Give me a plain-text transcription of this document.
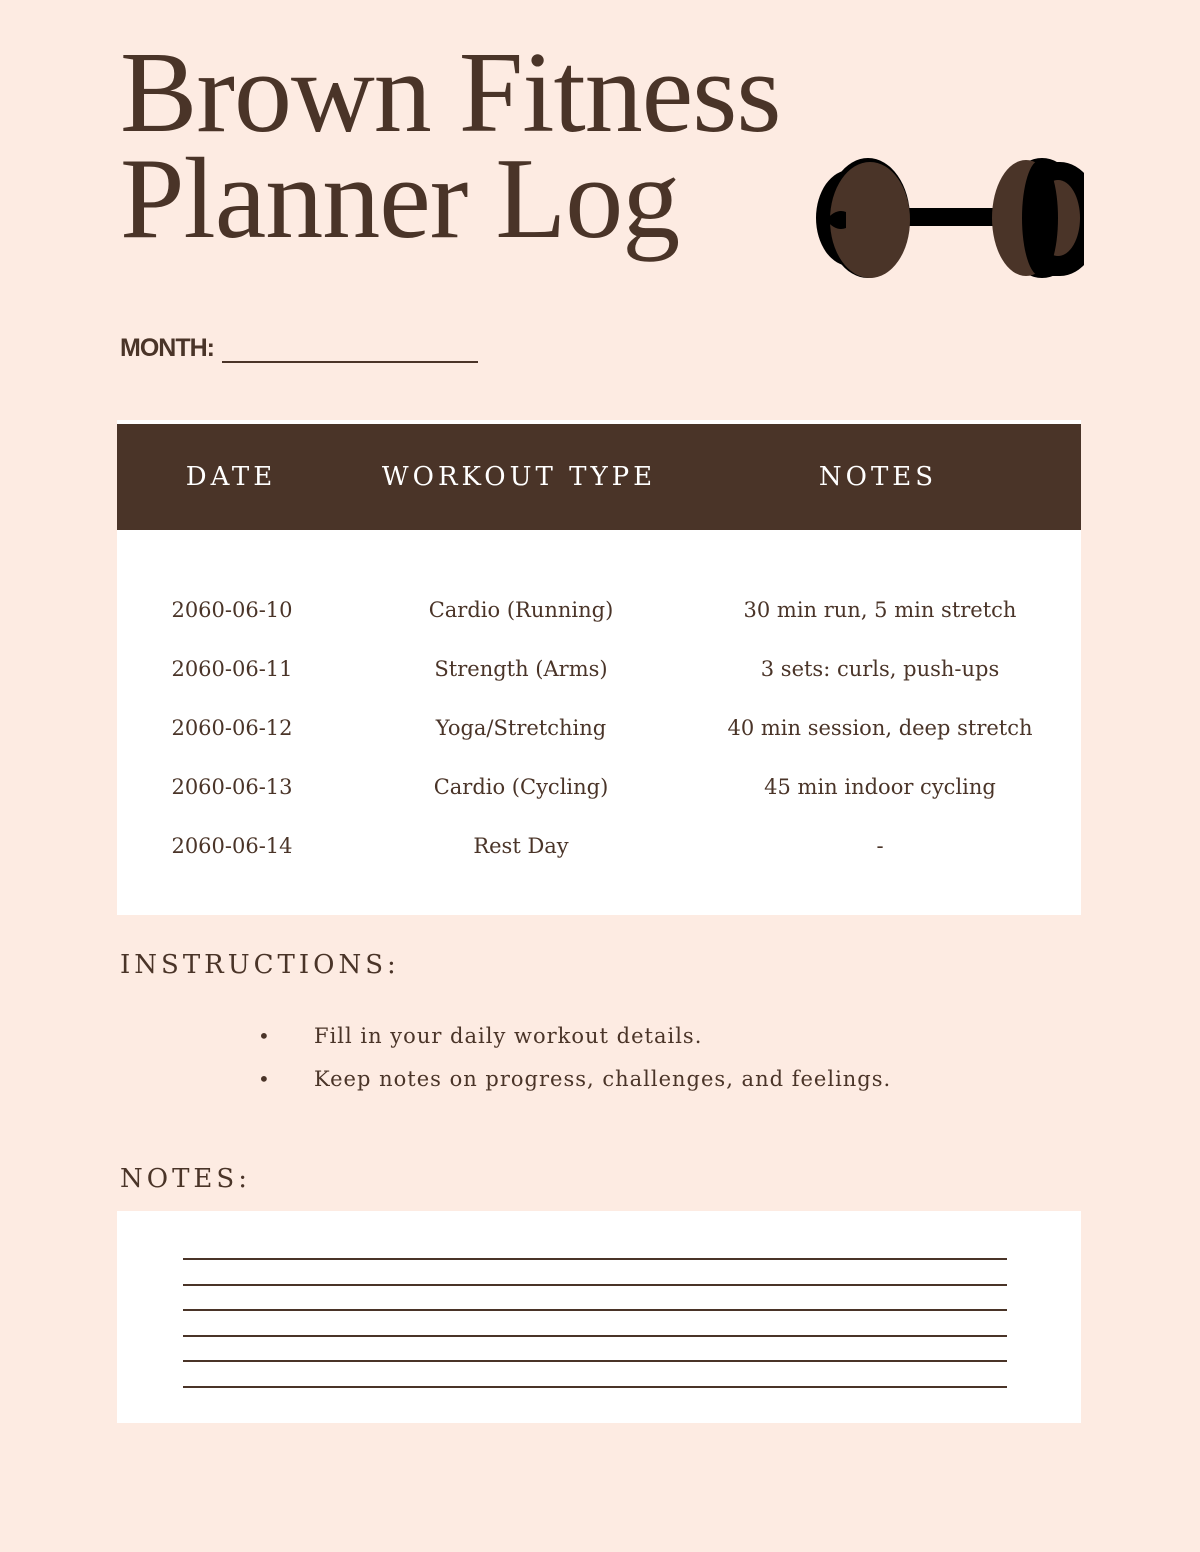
Brown Fitness
Planner Log
MONTH:
DATE	WORKOUT TYPE	NOTES
2060-06-10	Cardio (Running)	30 min run, 5 min stretch
2060-06-11	Strength (Arms)	3 sets: curls, push-ups
2060-06-12	Yoga/Stretching	40 min session, deep stretch
2060-06-13	Cardio (Cycling)	45 min indoor cycling
2060-06-14	Rest Day	-
INSTRUCTIONS:
•	Fill in your daily workout details.
•	Keep notes on progress, challenges, and feelings.
NOTES:
